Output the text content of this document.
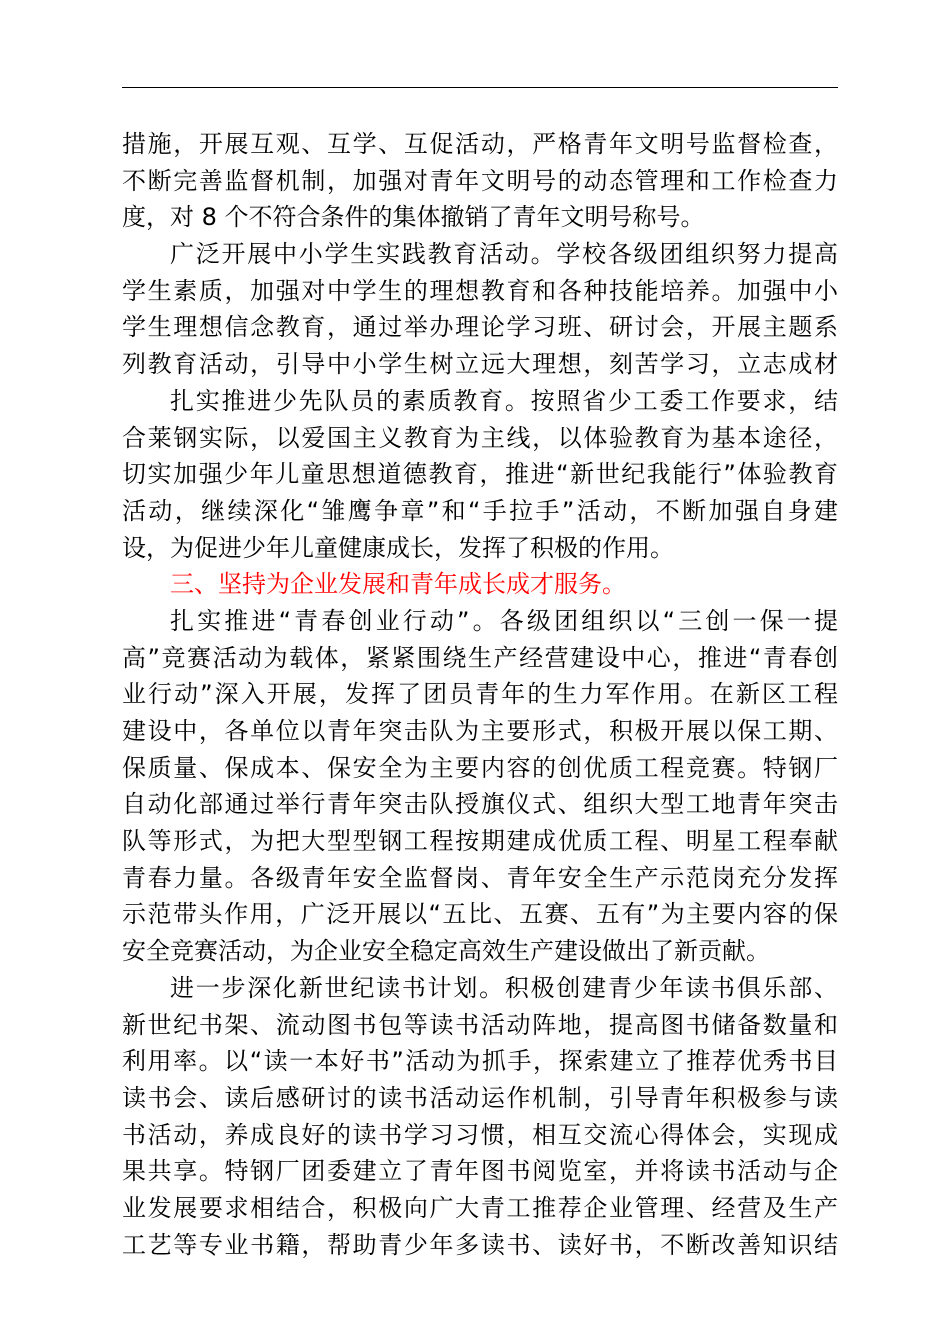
措施，开展互观、互学、互促活动，严格青年文明号监督检查，
不断完善监督机制，加强对青年文明号的动态管理和工作检查力
度，对 8 个不符合条件的集体撤销了青年文明号称号。
广泛开展中小学生实践教育活动。学校各级团组织努力提高
学生素质，加强对中学生的理想教育和各种技能培养。加强中小
学生理想信念教育，通过举办理论学习班、研讨会，开展主题系
列教育活动，引导中小学生树立远大理想，刻苦学习，立志成材
扎实推进少先队员的素质教育。按照省少工委工作要求，结
合莱钢实际，以爱国主义教育为主线，以体验教育为基本途径，
切实加强少年儿童思想道德教育，推进“新世纪我能行”体验教育
活动，继续深化“雏鹰争章”和“手拉手”活动，不断加强自身建
设，为促进少年儿童健康成长，发挥了积极的作用。
三、坚持为企业发展和青年成长成才服务。
扎实推进“青春创业行动”。各级团组织以“三创一保一提
高”竞赛活动为载体，紧紧围绕生产经营建设中心，推进“青春创
业行动”深入开展，发挥了团员青年的生力军作用。在新区工程
建设中，各单位以青年突击队为主要形式，积极开展以保工期、
保质量、保成本、保安全为主要内容的创优质工程竞赛。特钢厂
自动化部通过举行青年突击队授旗仪式、组织大型工地青年突击
队等形式，为把大型型钢工程按期建成优质工程、明星工程奉献
青春力量。各级青年安全监督岗、青年安全生产示范岗充分发挥
示范带头作用，广泛开展以“五比、五赛、五有”为主要内容的保
安全竞赛活动，为企业安全稳定高效生产建设做出了新贡献。
进一步深化新世纪读书计划。积极创建青少年读书俱乐部、
新世纪书架、流动图书包等读书活动阵地，提高图书储备数量和
利用率。以“读一本好书”活动为抓手，探索建立了推荐优秀书目
读书会、读后感研讨的读书活动运作机制，引导青年积极参与读
书活动，养成良好的读书学习习惯，相互交流心得体会，实现成
果共享。特钢厂团委建立了青年图书阅览室，并将读书活动与企
业发展要求相结合，积极向广大青工推荐企业管理、经营及生产
工艺等专业书籍，帮助青少年多读书、读好书，不断改善知识结
